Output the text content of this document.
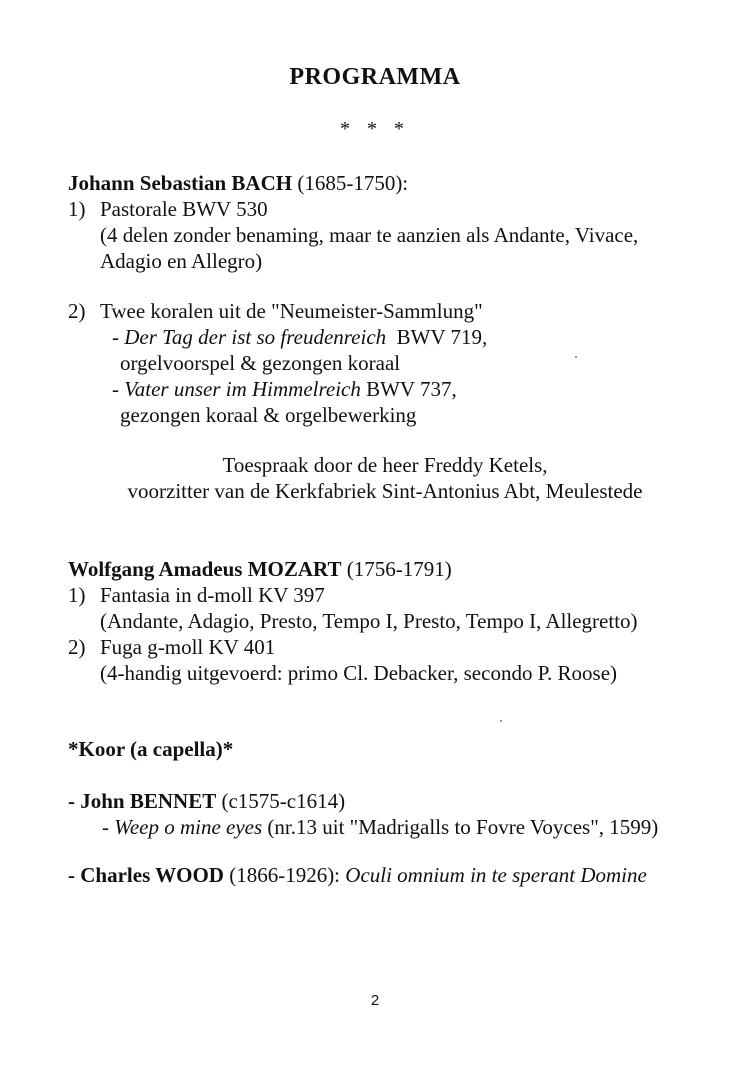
PROGRAMMA
* * *
Johann Sebastian BACH (1685-1750):
1) Pastorale BWV 530
(4 delen zonder benaming, maar te aanzien als Andante, Vivace,
Adagio en Allegro)
2) Twee koralen uit de "Neumeister-Sammlung"
- Der Tag der ist so freudenreich BWV 719,
orgelvoorspel & gezongen koraal
- Vater unser im Himmelreich BWV 737,
gezongen koraal & orgelbewerking
Toespraak door de heer Freddy Ketels,
voorzitter van de Kerkfabriek Sint-Antonius Abt, Meulestede
Wolfgang Amadeus MOZART (1756-1791)
1) Fantasia in d-moll KV 397
(Andante, Adagio, Presto, Tempo I, Presto, Tempo I, Allegretto)
2) Fuga g-moll KV 401
(4-handig uitgevoerd: primo Cl. Debacker, secondo P. Roose)
*Koor (a capella)*
- John BENNET (c1575-c1614)
- Weep o mine eyes (nr.13 uit "Madrigalls to Fovre Voyces", 1599)
- Charles WOOD (1866-1926): Oculi omnium in te sperant Domine
2
